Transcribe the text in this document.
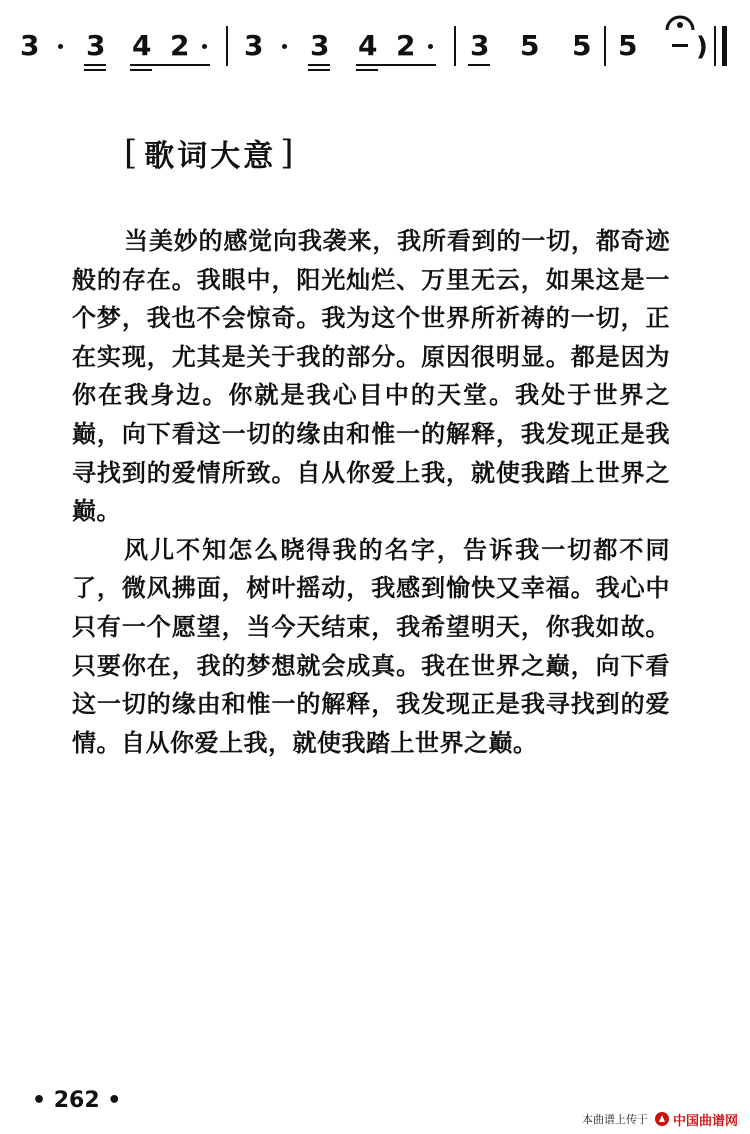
3 3 4 2 3 3 4 2 3 5 5 5 )
[ 歌词大意 ]

当美妙的感觉向我袭来，我所看到的一切，都奇迹般的存在。我眼中，阳光灿烂、万里无云，如果这是一个梦，我也不会惊奇。我为这个世界所祈祷的一切，正在实现，尤其是关于我的部分。原因很明显。都是因为你在我身边。你就是我心目中的天堂。我处于世界之巅，向下看这一切的缘由和惟一的解释，我发现正是我寻找到的爱情所致。自从你爱上我，就使我踏上世界之巅。

风儿不知怎么晓得我的名字，告诉我一切都不同了，微风拂面，树叶摇动，我感到愉快又幸福。我心中只有一个愿望，当今天结束，我希望明天，你我如故。只要你在，我的梦想就会成真。我在世界之巅，向下看这一切的缘由和惟一的解释，我发现正是我寻找到的爱情。自从你爱上我，就使我踏上世界之巅。

• 262 •
本曲谱上传于 中国曲谱网
